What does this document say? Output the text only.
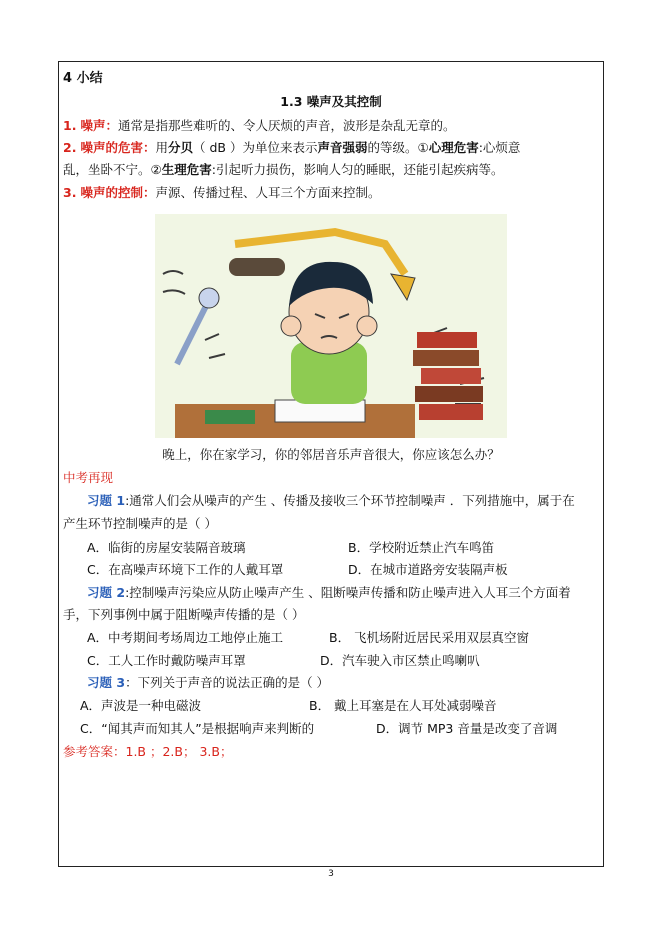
4 小结
1.3 噪声及其控制
1. 噪声：通常是指那些难听的、令人厌烦的声音，波形是杂乱无章的。
2. 噪声的危害：用分贝（ dB ）为单位来表示声音强弱的等级。①心理危害:心烦意
乱，坐卧不宁。②生理危害:引起听力损伤，影响人匀的睡眠，还能引起疾病等。
3. 噪声的控制：声源、传播过程、人耳三个方面来控制。
晚上，你在家学习，你的邻居音乐声音很大，你应该怎么办？
中考再现
习题 1:通常人们会从噪声的产生 、传播及接收三个环节控制噪声 ．下列措施中，属于在
产生环节控制噪声的是（ ）
A．临街的房屋安装隔音玻璃	B．学校附近禁止汽车鸣笛
C．在高噪声环境下工作的人戴耳罩	D．在城市道路旁安装隔声板
习题 2:控制噪声污染应从防止噪声产生 、阻断噪声传播和防止噪声进入人耳三个方面着
手，下列事例中属于阻断噪声传播的是（ ）
A．中考期间考场周边工地停止施工	B． 飞机场附近居民采用双层真空窗
C．工人工作时戴防噪声耳罩	D．汽车驶入市区禁止鸣喇叭
习题 3：下列关于声音的说法正确的是（ ）
A．声波是一种电磁波	B． 戴上耳塞是在人耳处减弱噪音
C．“闻其声而知其人”是根据响声来判断的	D．调节 MP3 音量是改变了音调
参考答案：1.B ；2.B； 3.B；
3
